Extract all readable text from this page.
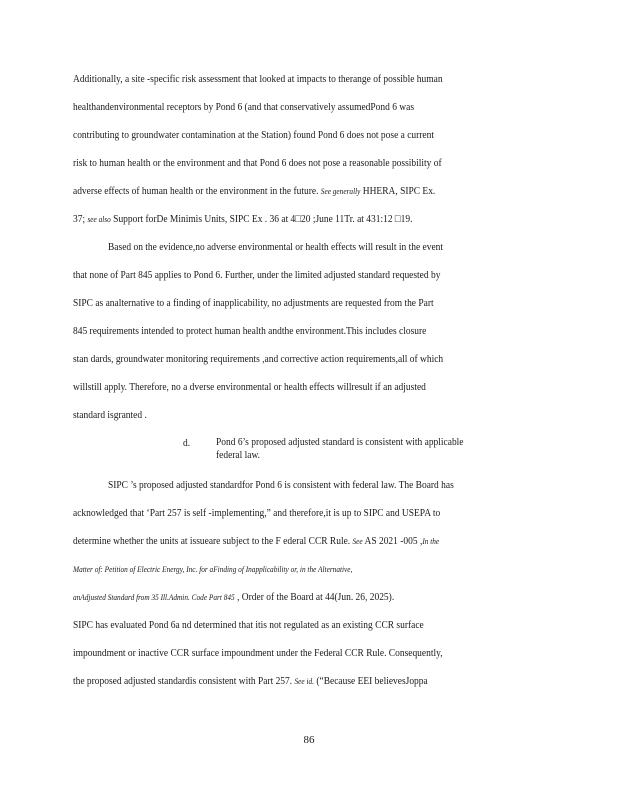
Additionally, a site -specific risk assessment that looked at impacts to therange of possible human
healthandenvironmental receptors by Pond 6 (and that conservatively assumedPond 6 was
contributing to groundwater contamination at the Station) found Pond 6 does not pose a current
risk to human health or the environment and that Pond 6 does not pose a reasonable possibility of
adverse effects of human health or the environment in the future. See generally HHERA, SIPC Ex.
37; see also Support forDe Minimis Units, SIPC Ex . 36 at 4□20 ;June 11Tr. at 431:12 □19.
Based on the evidence,no adverse environmental or health effects will result in the event
that none of Part 845 applies to Pond 6. Further, under the limited adjusted standard requested by
SIPC as analternative to a finding of inapplicability, no adjustments are requested from the Part
845 requirements intended to protect human health andthe environment.This includes closure
stan dards, groundwater monitoring requirements ,and corrective action requirements,all of which
willstill apply. Therefore, no a dverse environmental or health effects willresult if an adjusted
standard isgranted .
d. Pond 6’s proposed adjusted standard is consistent with applicable
federal law.
SIPC ’s proposed adjusted standardfor Pond 6 is consistent with federal law. The Board has
acknowledged that ‘Part 257 is self -implementing,” and therefore,it is up to SIPC and USEPA to
determine whether the units at issueare subject to the F ederal CCR Rule. See AS 2021 -005 ,In the
Matter of: Petition of Electric Energy, Inc. for aFinding of Inapplicability or, in the Alternative,
anAdjusted Standard from 35 Ill.Admin. Code Part 845 , Order of the Board at 44(Jun. 26, 2025).
SIPC has evaluated Pond 6a nd determined that itis not regulated as an existing CCR surface
impoundment or inactive CCR surface impoundment under the Federal CCR Rule. Consequently,
the proposed adjusted standardis consistent with Part 257. See id. (“Because EEI believesJoppa
86
